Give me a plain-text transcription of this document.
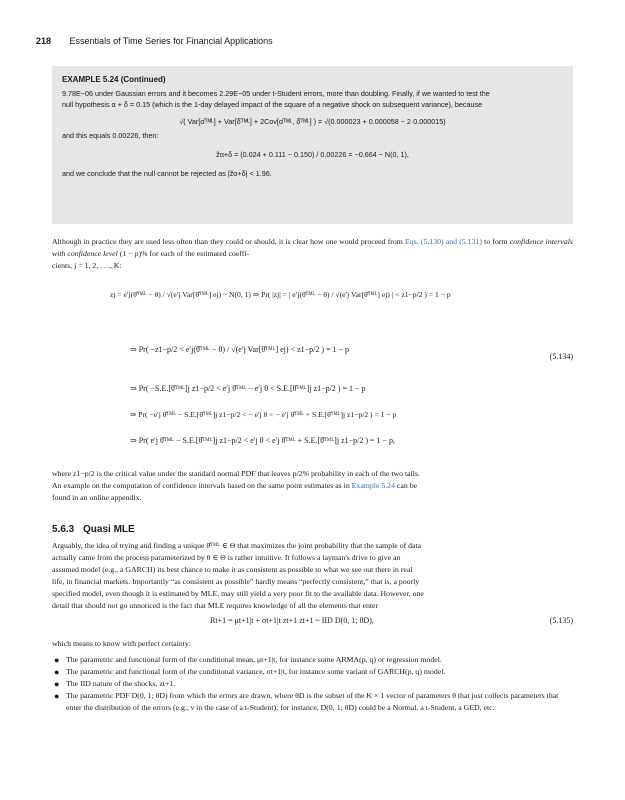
218 Essentials of Time Series for Financial Applications
EXAMPLE 5.24 (Continued)
9.78E−06 under Gaussian errors and it becomes 2.29E−05 under t-Student errors, more than doubling. Finally, if we wanted to test the
null hypothesis α + δ = 0.15 (which is the 1-day delayed impact of the square of a negative shock on subsequent variance), because
√( Var[α̂ᵀᴹᴸ] + Var[δ̂ᵀᴹᴸ] + 2Cov[α̂ᵀᴹᴸ, δ̂ᵀᴹᴸ] ) = √(0.000023 + 0.000058 − 2·0.000015)
and this equals 0.00226, then:
z̃α+δ = (0.024 + 0.111 − 0.150) / 0.00226 = −0.664 ~ N(0, 1),
and we conclude that the null cannot be rejected as |z̃α+δ| < 1.96.
Although in practice they are used less often than they could or should, it is clear how one would proceed from Eqs. (5.130) and (5.131) to form confidence intervals with confidence level (1 − p)% for each of the estimated coeffi-
cients, j = 1, 2, . . ., K:
zj = e′j(θ̂ᵀᴹᴸ − θ) / √(e′j Var[θ̂ᵀᴹᴸ] ej) ~ N(0, 1) ⇒ Pr( |zj| = | e′j(θ̂ᵀᴹᴸ − θ) / √(e′j Var[θ̂ᵀᴹᴸ] ej) | < z1−p/2 ) = 1 − p
⇒ Pr( −z1−p/2 < e′j(θ̂ᵀᴹᴸ − θ) / √(e′j Var[θ̂ᵀᴹᴸ] ej) < z1−p/2 ) = 1 − p
(5.134)
⇒ Pr( −S.E.[θ̂ᵀᴹᴸ]j z1−p/2 < e′j θ̂ᵀᴹᴸ − e′j θ < S.E.[θ̂ᵀᴹᴸ]j z1−p/2 ) = 1 − p
⇒ Pr( −e′j θ̂ᵀᴹᴸ − S.E.[θ̂ᵀᴹᴸ]j z1−p/2 < − e′j θ < − e′j θ̂ᵀᴹᴸ + S.E.[θ̂ᵀᴹᴸ]j z1−p/2 ) = 1 − p
⇒ Pr( e′j θ̂ᵀᴹᴸ − S.E.[θ̂ᵀᴹᴸ]j z1−p/2 < e′j θ < e′j θ̂ᵀᴹᴸ + S.E.[θ̂ᵀᴹᴸ]j z1−p/2 ) = 1 − p,
where z1−p/2 is the critical value under the standard normal PDF that leaves p/2% probability in each of the two tails.
An example on the computation of confidence intervals based on the same point estimates as in Example 5.24 can be
found in an online appendix.
5.6.3 Quasi MLE
Arguably, the idea of trying and finding a unique θ̂ᵀᴹᴸ ∈ Θ that maximizes the joint probability that the sample of data
actually came from the process parameterized by θ ∈ Θ is rather intuitive. It follows a layman's drive to give an
assumed model (e.g., a GARCH) its best chance to make it as consistent as possible to what we see out there in real
life, in financial markets. Importantly “as consistent as possible” hardly means “perfectly consistent,” that is, a poorly
specified model, even though it is estimated by MLE, may still yield a very poor fit to the available data. However, one
detail that should not go unnoticed is the fact that MLE requires knowledge of all the elements that enter
Rt+1 = μt+1|t + σt+1|t zt+1 zt+1 ~ IID D(0, 1; θD),	(5.135)
which means to know with perfect certainty:
● The parametric and functional form of the conditional mean, μt+1|t, for instance some ARMA(p, q) or regression model.
● The parametric and functional form of the conditional variance, σt+1|t, for instance some variant of GARCH(p, q) model.
● The IID nature of the shocks, zt+1.
● The parametric PDF D(0, 1; θD) from which the errors are drawn, where θD is the subset of the K × 1 vector of parameters θ that just collects parameters that enter the distribution of the errors (e.g., ν in the case of a t-Student); for instance, D(0, 1; θD) could be a Normal, a t-Student, a GED, etc.
